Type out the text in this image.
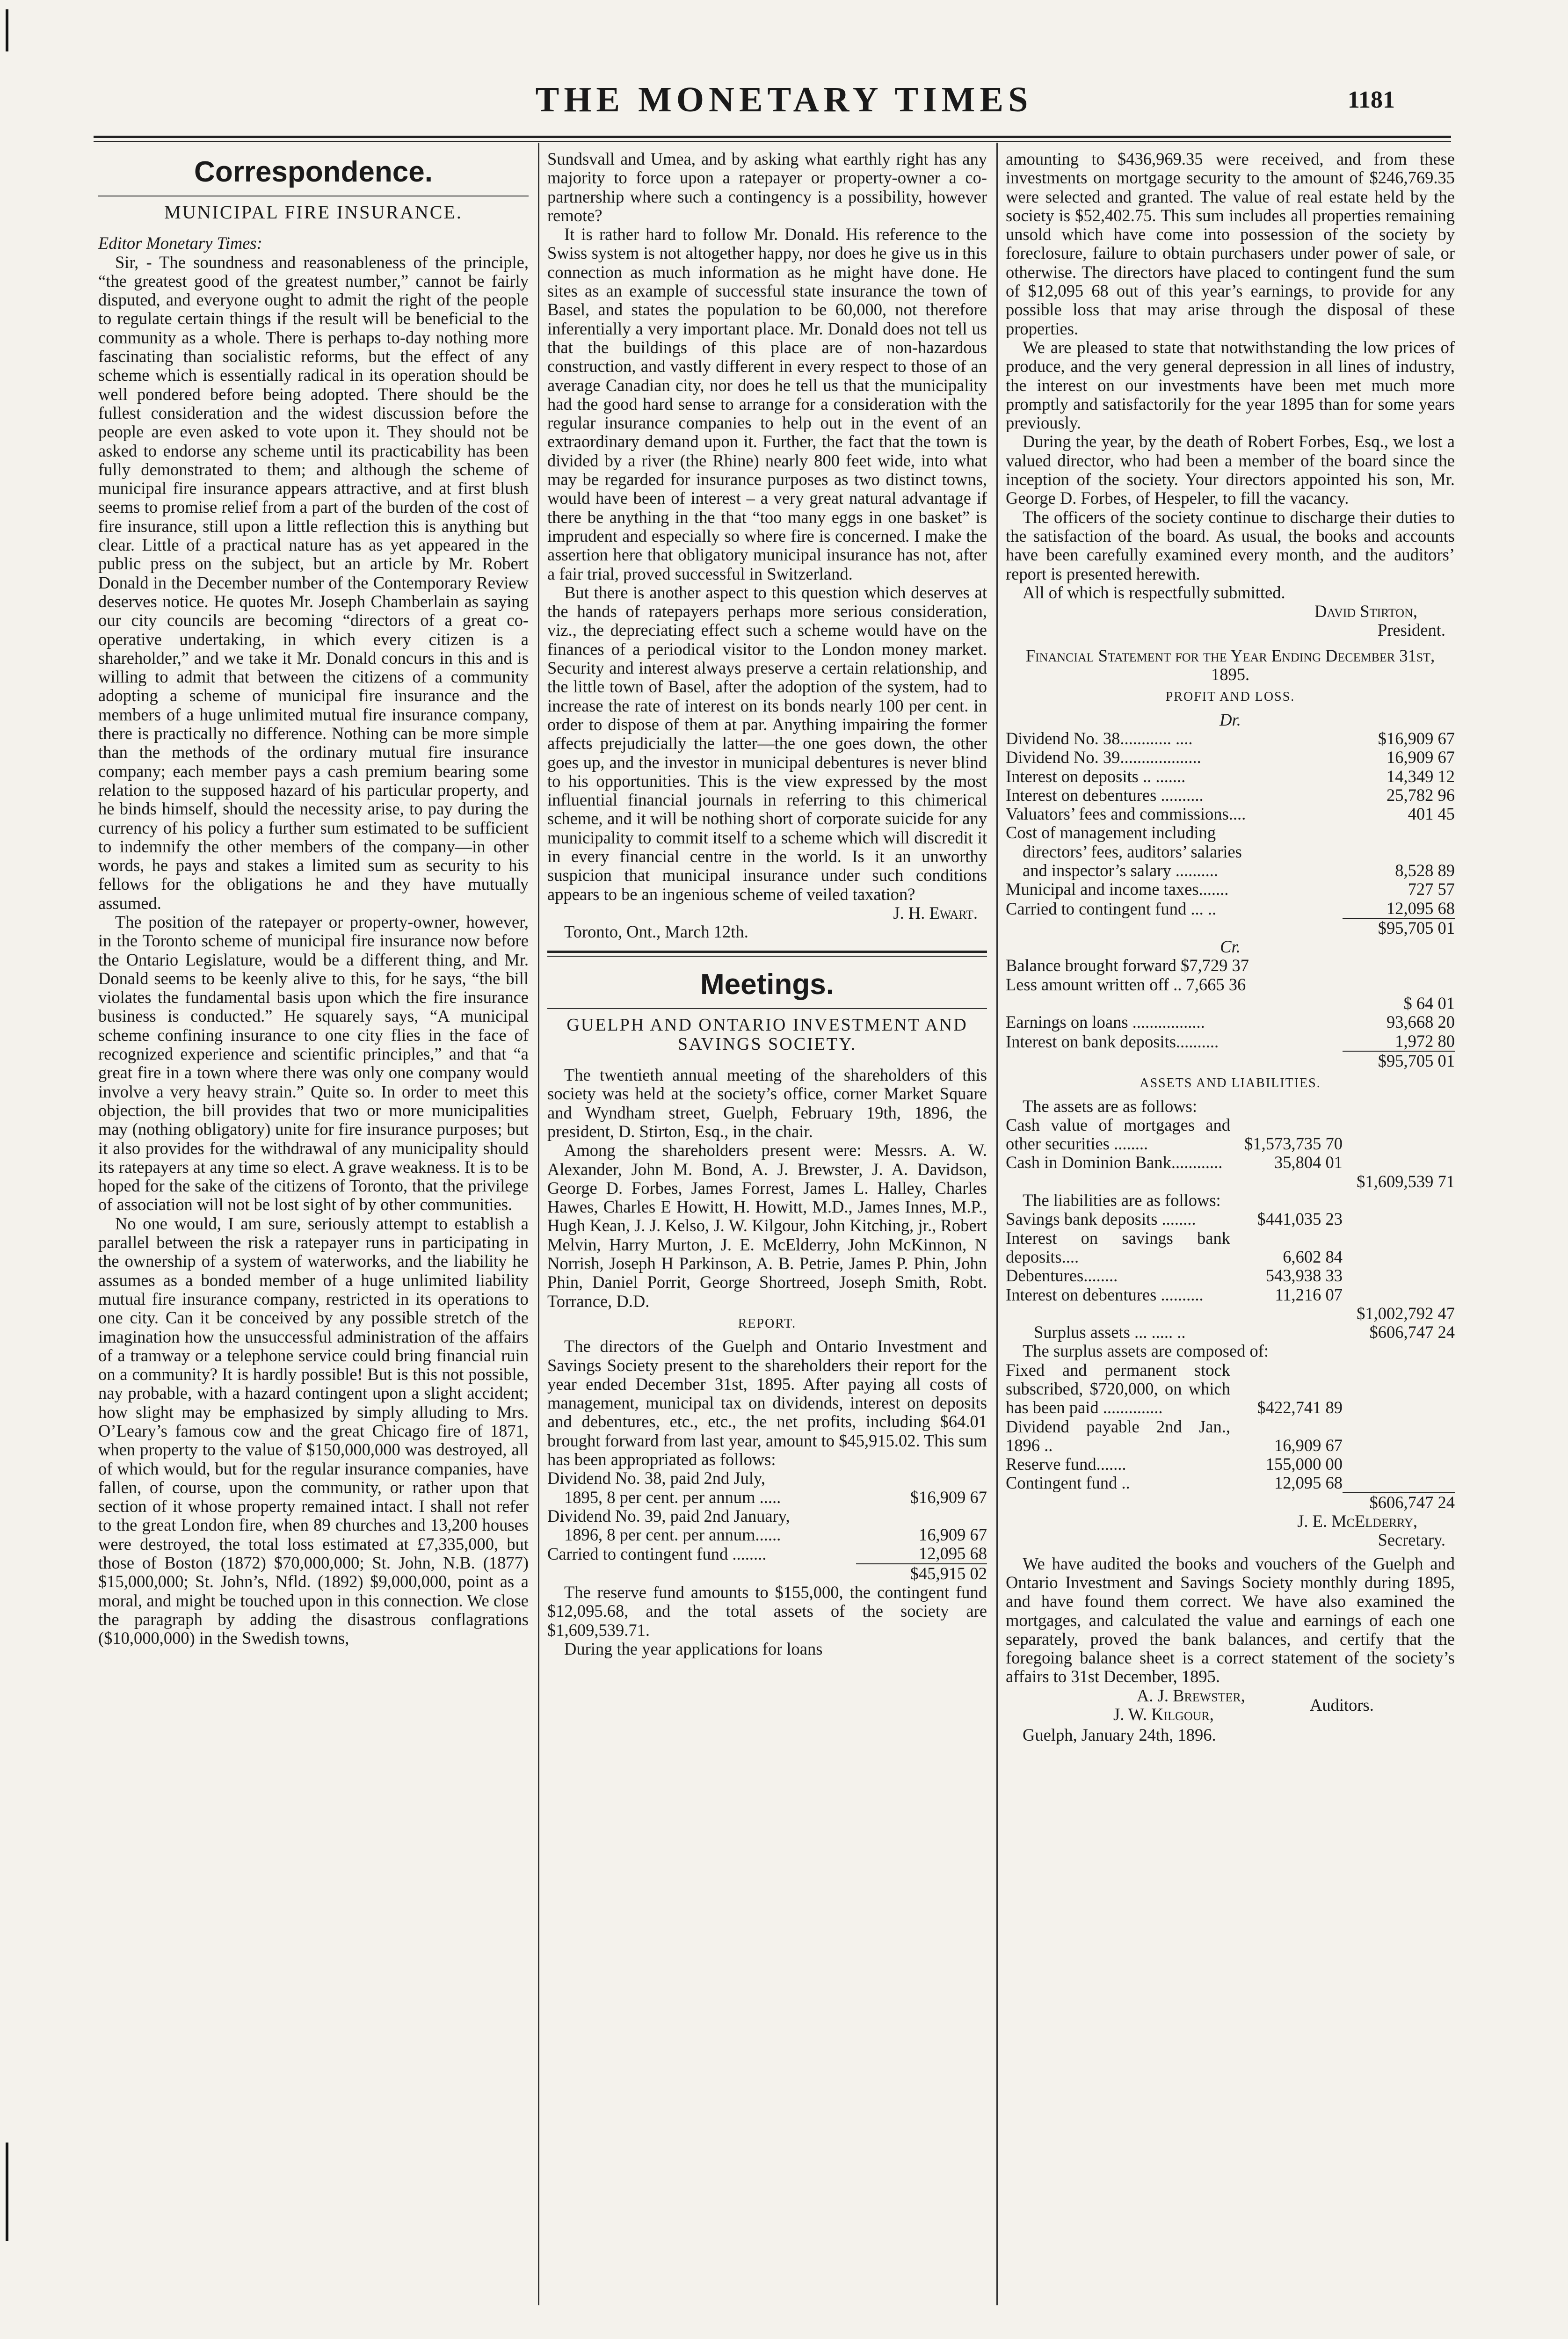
THE MONETARY TIMES	1181
Correspondence.
MUNICIPAL FIRE INSURANCE.

Editor Monetary Times:

Sir, - The soundness and reasonableness of the principle, “the greatest good of the greatest number,” cannot be fairly disputed, and everyone ought to admit the right of the people to regulate certain things if the result will be beneficial to the community as a whole. There is perhaps to-day nothing more fascinating than socialistic reforms, but the effect of any scheme which is essentially radical in its operation should be well pondered before being adopted. There should be the fullest consideration and the widest discussion before the people are even asked to vote upon it. They should not be asked to endorse any scheme until its practicability has been fully demonstrated to them; and although the scheme of municipal fire insurance appears attractive, and at first blush seems to promise relief from a part of the burden of the cost of fire insurance, still upon a little reflection this is anything but clear. Little of a practical nature has as yet appeared in the public press on the subject, but an article by Mr. Robert Donald in the December number of the Contemporary Review deserves notice. He quotes Mr. Joseph Chamberlain as saying our city councils are becoming “directors of a great co-operative undertaking, in which every citizen is a shareholder,” and we take it Mr. Donald concurs in this and is willing to admit that between the citizens of a community adopting a scheme of municipal fire insurance and the members of a huge unlimited mutual fire insurance company, there is practically no difference. Nothing can be more simple than the methods of the ordinary mutual fire insurance company; each member pays a cash premium bearing some relation to the supposed hazard of his particular property, and he binds himself, should the necessity arise, to pay during the currency of his policy a further sum estimated to be sufficient to indemnify the other members of the company—in other words, he pays and stakes a limited sum as security to his fellows for the obligations he and they have mutually assumed.

The position of the ratepayer or property-owner, however, in the Toronto scheme of municipal fire insurance now before the Ontario Legislature, would be a different thing, and Mr. Donald seems to be keenly alive to this, for he says, “the bill violates the fundamental basis upon which the fire insurance business is conducted.” He squarely says, “A municipal scheme confining insurance to one city flies in the face of recognized experience and scientific principles,” and that “a great fire in a town where there was only one company would involve a very heavy strain.” Quite so. In order to meet this objection, the bill provides that two or more municipalities may (nothing obligatory) unite for fire insurance purposes; but it also provides for the withdrawal of any municipality should its ratepayers at any time so elect. A grave weakness. It is to be hoped for the sake of the citizens of Toronto, that the privilege of association will not be lost sight of by other communities.

No one would, I am sure, seriously attempt to establish a parallel between the risk a ratepayer runs in participating in the ownership of a system of waterworks, and the liability he assumes as a bonded member of a huge unlimited liability mutual fire insurance company, restricted in its operations to one city. Can it be conceived by any possible stretch of the imagination how the unsuccessful administration of the affairs of a tramway or a telephone service could bring financial ruin on a community? It is hardly possible! But is this not possible, nay probable, with a hazard contingent upon a slight accident; how slight may be emphasized by simply alluding to Mrs. O’Leary’s famous cow and the great Chicago fire of 1871, when property to the value of $150,000,000 was destroyed, all of which would, but for the regular insurance companies, have fallen, of course, upon the community, or rather upon that section of it whose property remained intact. I shall not refer to the great London fire, when 89 churches and 13,200 houses were destroyed, the total loss estimated at £7,335,000, but those of Boston (1872) $70,000,000; St. John, N.B. (1877) $15,000,000; St. John’s, Nfld. (1892) $9,000,000, point as a moral, and might be touched upon in this connection. We close the paragraph by adding the disastrous conflagrations ($10,000,000) in the Swedish towns,

Sundsvall and Umea, and by asking what earthly right has any majority to force upon a ratepayer or property-owner a co-partnership where such a contingency is a possibility, however remote?

It is rather hard to follow Mr. Donald. His reference to the Swiss system is not altogether happy, nor does he give us in this connection as much information as he might have done. He sites as an example of successful state insurance the town of Basel, and states the population to be 60,000, not therefore inferentially a very important place. Mr. Donald does not tell us that the buildings of this place are of non-hazardous construction, and vastly different in every respect to those of an average Canadian city, nor does he tell us that the municipality had the good hard sense to arrange for a consideration with the regular insurance companies to help out in the event of an extraordinary demand upon it. Further, the fact that the town is divided by a river (the Rhine) nearly 800 feet wide, into what may be regarded for insurance purposes as two distinct towns, would have been of interest – a very great natural advantage if there be anything in the that “too many eggs in one basket” is imprudent and especially so where fire is concerned. I make the assertion here that obligatory municipal insurance has not, after a fair trial, proved successful in Switzerland.

But there is another aspect to this question which deserves at the hands of ratepayers perhaps more serious consideration, viz., the depreciating effect such a scheme would have on the finances of a periodical visitor to the London money market. Security and interest always preserve a certain relationship, and the little town of Basel, after the adoption of the system, had to increase the rate of interest on its bonds nearly 100 per cent. in order to dispose of them at par. Anything impairing the former affects prejudicially the latter—the one goes down, the other goes up, and the investor in municipal debentures is never blind to his opportunities. This is the view expressed by the most influential financial journals in referring to this chimerical scheme, and it will be nothing short of corporate suicide for any municipality to commit itself to a scheme which will discredit it in every financial centre in the world. Is it an unworthy suspicion that municipal insurance under such conditions appears to be an ingenious scheme of veiled taxation?

J. H. Ewart.

Toronto, Ont., March 12th.

Meetings.
GUELPH AND ONTARIO INVESTMENT AND SAVINGS SOCIETY.

The twentieth annual meeting of the shareholders of this society was held at the society’s office, corner Market Square and Wyndham street, Guelph, February 19th, 1896, the president, D. Stirton, Esq., in the chair.

Among the shareholders present were: Messrs. A. W. Alexander, John M. Bond, A. J. Brewster, J. A. Davidson, George D. Forbes, James Forrest, James L. Halley, Charles Hawes, Charles E Howitt, H. Howitt, M.D., James Innes, M.P., Hugh Kean, J. J. Kelso, J. W. Kilgour, John Kitching, jr., Robert Melvin, Harry Murton, J. E. McElderry, John McKinnon, N Norrish, Joseph H Parkinson, A. B. Petrie, James P. Phin, John Phin, Daniel Porrit, George Shortreed, Joseph Smith, Robt. Torrance, D.D.

REPORT.

The directors of the Guelph and Ontario Investment and Savings Society present to the shareholders their report for the year ended December 31st, 1895. After paying all costs of management, municipal tax on dividends, interest on deposits and debentures, etc., etc., the net profits, including $64.01 brought forward from last year, amount to $45,915.02. This sum has been appropriated as follows:

Dividend No. 38, paid 2nd July,	
1895, 8 per cent. per annum .....	$16,909 67
Dividend No. 39, paid 2nd January,	
1896, 8 per cent. per annum......	16,909 67
Carried to contingent fund ........	12,095 68
	$45,915 02

The reserve fund amounts to $155,000, the contingent fund $12,095.68, and the total assets of the society are $1,609,539.71.

During the year applications for loans

amounting to $436,969.35 were received, and from these investments on mortgage security to the amount of $246,769.35 were selected and granted. The value of real estate held by the society is $52,402.75. This sum includes all properties remaining unsold which have come into possession of the society by foreclosure, failure to obtain purchasers under power of sale, or otherwise. The directors have placed to contingent fund the sum of $12,095 68 out of this year’s earnings, to provide for any possible loss that may arise through the disposal of these properties.

We are pleased to state that notwithstanding the low prices of produce, and the very general depression in all lines of industry, the interest on our investments have been met much more promptly and satisfactorily for the year 1895 than for some years previously.

During the year, by the death of Robert Forbes, Esq., we lost a valued director, who had been a member of the board since the inception of the society. Your directors appointed his son, Mr. George D. Forbes, of Hespeler, to fill the vacancy.

The officers of the society continue to discharge their duties to the satisfaction of the board. As usual, the books and accounts have been carefully examined every month, and the auditors’ report is presented herewith.

All of which is respectfully submitted.

David Stirton,
President.
Financial Statement for the Year Ending December 31st, 1895.
PROFIT AND LOSS.
Dr.
Dividend No. 38............ ....	$16,909 67
Dividend No. 39...................	16,909 67
Interest on deposits .. .......	14,349 12
Interest on debentures ..........	25,782 96
Valuators’ fees and commissions....	401 45
Cost of management including	
directors’ fees, auditors’ salaries	
and inspector’s salary ..........	8,528 89
Municipal and income taxes.......	727 57
Carried to contingent fund ... ..	12,095 68
	$95,705 01
Cr.
Balance brought forward $7,729 37	
Less amount written off .. 7,665 36	
	$ 64 01
Earnings on loans .................	93,668 20
Interest on bank deposits..........	1,972 80
	$95,705 01
ASSETS AND LIABILITIES.

The assets are as follows:

Cash value of mortgages and other securities ........	$1,573,735 70	
Cash in Dominion Bank............	35,804 01	
		$1,609,539 71

The liabilities are as follows:

Savings bank deposits ........	$441,035 23	
Interest on savings bank deposits....	6,602 84	
Debentures........	543,938 33	
Interest on debentures ..........	11,216 07	
		$1,002,792 47
Surplus assets ... ..... ..		$606,747 24

The surplus assets are composed of:

Fixed and permanent stock subscribed, $720,000, on which has been paid ..............	$422,741 89	
Dividend payable 2nd Jan., 1896 ..	16,909 67	
Reserve fund.......	155,000 00	
Contingent fund ..	12,095 68	
		$606,747 24
J. E. McElderry,
Secretary.

We have audited the books and vouchers of the Guelph and Ontario Investment and Savings Society monthly during 1895, and have found them correct. We have also examined the mortgages, and calculated the value and earnings of each one separately, proved the bank balances, and certify that the foregoing balance sheet is a correct statement of the society’s affairs to 31st December, 1895.

A. J. Brewster,
J. W. Kilgour,	Auditors.

Guelph, January 24th, 1896.
